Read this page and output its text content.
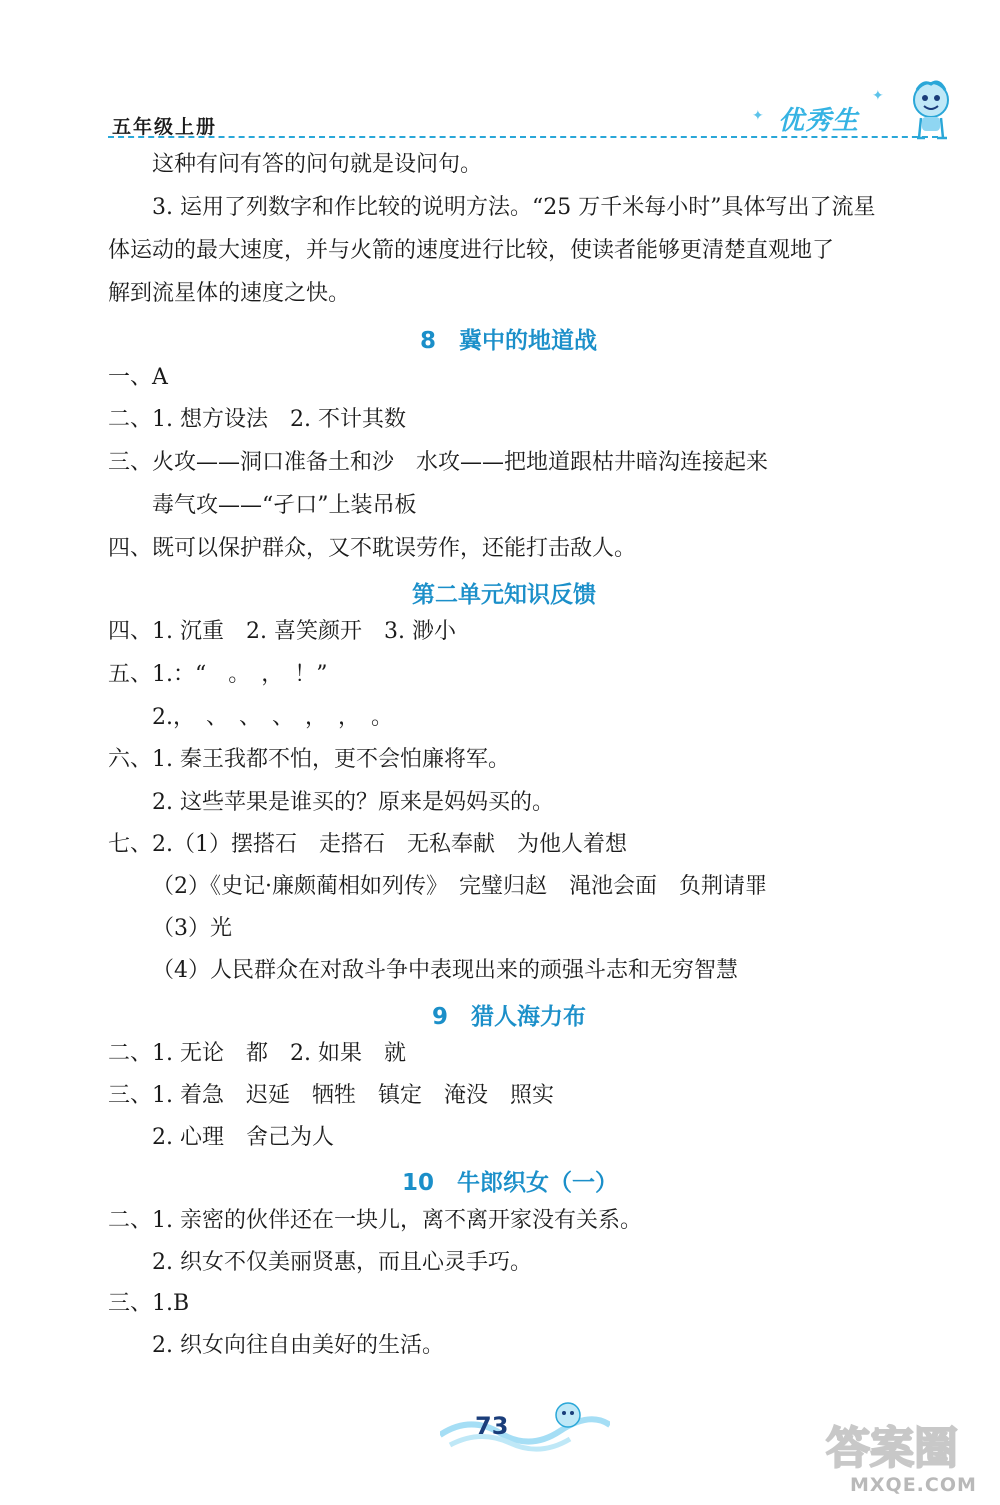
五年级上册	✦
✦
优秀生
这种有问有答的问句就是设问句。
3. 运用了列数字和作比较的说明方法。“25 万千米每小时”具体写出了流星
体运动的最大速度，并与火箭的速度进行比较，使读者能够更清楚直观地了
解到流星体的速度之快。
8　冀中的地道战
一、A
二、1. 想方设法　2. 不计其数
三、火攻——洞口准备土和沙　水攻——把地道跟枯井暗沟连接起来
毒气攻——“孑口”上装吊板
四、既可以保护群众，又不耽误劳作，还能打击敌人。
第二单元知识反馈
四、1. 沉重　2. 喜笑颜开　3. 渺小
五、1.：“　。　，　！”
2.，　、　、　、　，　，　。
六、1. 秦王我都不怕，更不会怕廉将军。
2. 这些苹果是谁买的？原来是妈妈买的。
七、2.（1）摆搭石　走搭石　无私奉献　为他人着想
（2）《史记·廉颇蔺相如列传》　完璧归赵　渑池会面　负荆请罪
（3）光
（4）人民群众在对敌斗争中表现出来的顽强斗志和无穷智慧
9　猎人海力布
二、1. 无论　都　2. 如果　就
三、1. 着急　迟延　牺牲　镇定　淹没　照实
2. 心理　舍己为人
10　牛郎织女（一）
二、1. 亲密的伙伴还在一块儿，离不离开家没有关系。
2. 织女不仅美丽贤惠，而且心灵手巧。
三、1.B
2. 织女向往自由美好的生活。
73	答案圈
MXQE.COM
